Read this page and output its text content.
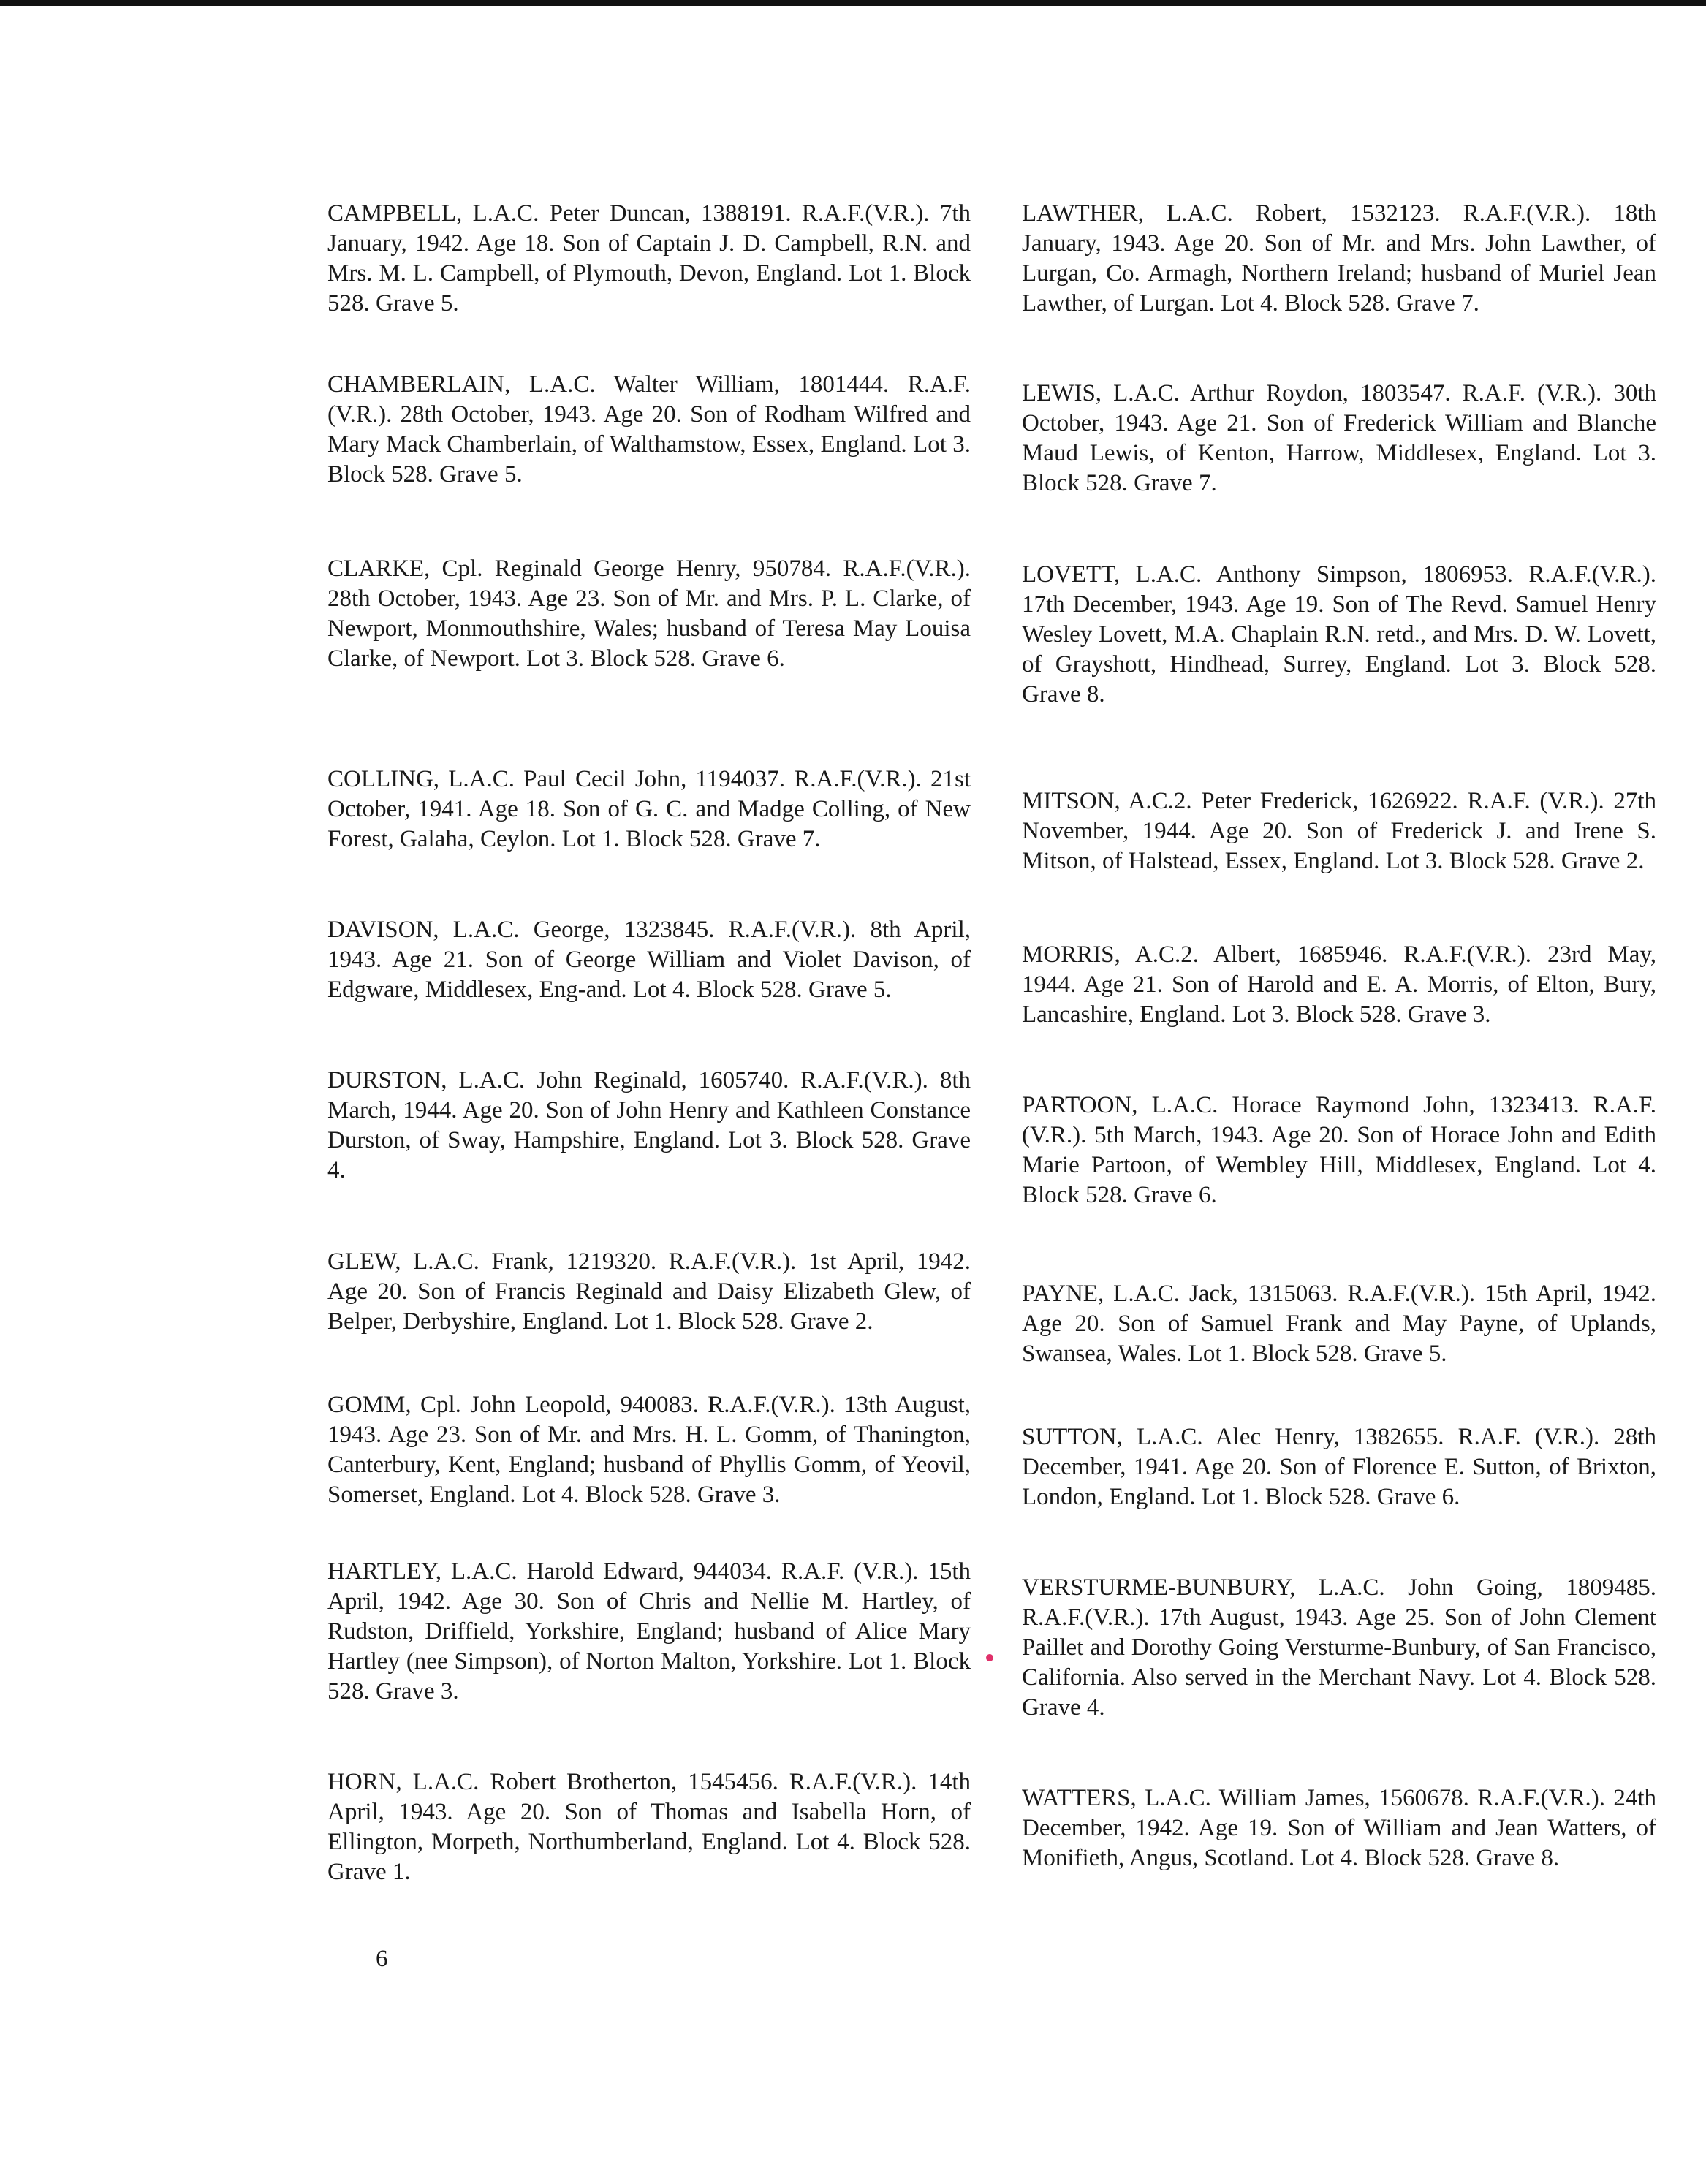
CAMPBELL, L.A.C. Peter Duncan, 1388191. R.A.F.(V.R.). 7th January, 1942. Age 18. Son of Captain J. D. Campbell, R.N. and Mrs. M. L. Campbell, of Plymouth, Devon, England. Lot 1. Block 528. Grave 5.

CHAMBERLAIN, L.A.C. Walter William, 1801444. R.A.F.(V.R.). 28th October, 1943. Age 20. Son of Rodham Wilfred and Mary Mack Chamberlain, of Walthamstow, Essex, England. Lot 3. Block 528. Grave 5.

CLARKE, Cpl. Reginald George Henry, 950784. R.A.F.(V.R.). 28th October, 1943. Age 23. Son of Mr. and Mrs. P. L. Clarke, of Newport, Monmouthshire, Wales; husband of Teresa May Louisa Clarke, of Newport. Lot 3. Block 528. Grave 6.

COLLING, L.A.C. Paul Cecil John, 1194037. R.A.F.(V.R.). 21st October, 1941. Age 18. Son of G. C. and Madge Colling, of New Forest, Galaha, Ceylon. Lot 1. Block 528. Grave 7.

DAVISON, L.A.C. George, 1323845. R.A.F.(V.R.). 8th April, 1943. Age 21. Son of George William and Violet Davison, of Edgware, Middlesex, Eng-and. Lot 4. Block 528. Grave 5.

DURSTON, L.A.C. John Reginald, 1605740. R.A.F.(V.R.). 8th March, 1944. Age 20. Son of John Henry and Kathleen Constance Durston, of Sway, Hampshire, England. Lot 3. Block 528. Grave 4.

GLEW, L.A.C. Frank, 1219320. R.A.F.(V.R.). 1st April, 1942. Age 20. Son of Francis Reginald and Daisy Elizabeth Glew, of Belper, Derbyshire, England. Lot 1. Block 528. Grave 2.

GOMM, Cpl. John Leopold, 940083. R.A.F.(V.R.). 13th August, 1943. Age 23. Son of Mr. and Mrs. H. L. Gomm, of Thanington, Canterbury, Kent, England; husband of Phyllis Gomm, of Yeovil, Somerset, England. Lot 4. Block 528. Grave 3.

HARTLEY, L.A.C. Harold Edward, 944034. R.A.F. (V.R.). 15th April, 1942. Age 30. Son of Chris and Nellie M. Hartley, of Rudston, Driffield, Yorkshire, England; husband of Alice Mary Hartley (nee Simpson), of Norton Malton, Yorkshire. Lot 1. Block 528. Grave 3.

HORN, L.A.C. Robert Brotherton, 1545456. R.A.F.(V.R.). 14th April, 1943. Age 20. Son of Thomas and Isabella Horn, of Ellington, Morpeth, Northumberland, England. Lot 4. Block 528. Grave 1.

LAWTHER, L.A.C. Robert, 1532123. R.A.F.(V.R.). 18th January, 1943. Age 20. Son of Mr. and Mrs. John Lawther, of Lurgan, Co. Armagh, Northern Ireland; husband of Muriel Jean Lawther, of Lurgan. Lot 4. Block 528. Grave 7.

LEWIS, L.A.C. Arthur Roydon, 1803547. R.A.F. (V.R.). 30th October, 1943. Age 21. Son of Frederick William and Blanche Maud Lewis, of Kenton, Harrow, Middlesex, England. Lot 3. Block 528. Grave 7.

LOVETT, L.A.C. Anthony Simpson, 1806953. R.A.F.(V.R.). 17th December, 1943. Age 19. Son of The Revd. Samuel Henry Wesley Lovett, M.A. Chaplain R.N. retd., and Mrs. D. W. Lovett, of Grayshott, Hindhead, Surrey, England. Lot 3. Block 528. Grave 8.

MITSON, A.C.2. Peter Frederick, 1626922. R.A.F. (V.R.). 27th November, 1944. Age 20. Son of Frederick J. and Irene S. Mitson, of Halstead, Essex, England. Lot 3. Block 528. Grave 2.

MORRIS, A.C.2. Albert, 1685946. R.A.F.(V.R.). 23rd May, 1944. Age 21. Son of Harold and E. A. Morris, of Elton, Bury, Lancashire, England. Lot 3. Block 528. Grave 3.

PARTOON, L.A.C. Horace Raymond John, 1323413. R.A.F.(V.R.). 5th March, 1943. Age 20. Son of Horace John and Edith Marie Partoon, of Wembley Hill, Middlesex, England. Lot 4. Block 528. Grave 6.

PAYNE, L.A.C. Jack, 1315063. R.A.F.(V.R.). 15th April, 1942. Age 20. Son of Samuel Frank and May Payne, of Uplands, Swansea, Wales. Lot 1. Block 528. Grave 5.

SUTTON, L.A.C. Alec Henry, 1382655. R.A.F. (V.R.). 28th December, 1941. Age 20. Son of Florence E. Sutton, of Brixton, London, England. Lot 1. Block 528. Grave 6.

VERSTURME-BUNBURY, L.A.C. John Going, 1809485. R.A.F.(V.R.). 17th August, 1943. Age 25. Son of John Clement Paillet and Dorothy Going Versturme-Bunbury, of San Francisco, California. Also served in the Merchant Navy. Lot 4. Block 528. Grave 4.

WATTERS, L.A.C. William James, 1560678. R.A.F.(V.R.). 24th December, 1942. Age 19. Son of William and Jean Watters, of Monifieth, Angus, Scotland. Lot 4. Block 528. Grave 8.

6
